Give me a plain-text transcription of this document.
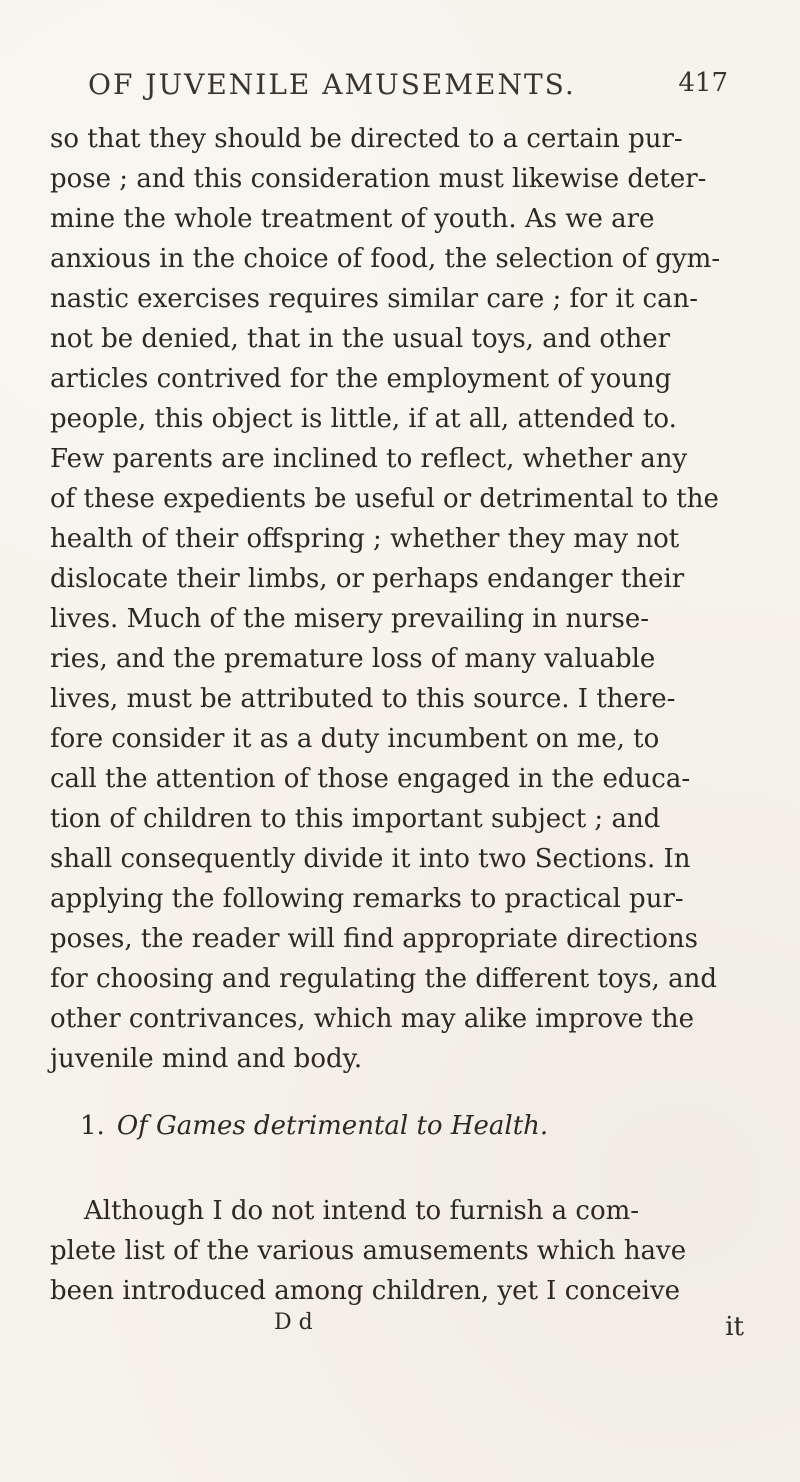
OF JUVENILE AMUSEMENTS.	417
so that they should be directed to a certain pur-
pose ; and this consideration must likewise deter-
mine the whole treatment of youth. As we are
anxious in the choice of food, the selection of gym-
nastic exercises requires similar care ; for it can-
not be denied, that in the usual toys, and other
articles contrived for the employment of young
people, this object is little, if at all, attended to.
Few parents are inclined to reflect, whether any
of these expedients be useful or detrimental to the
health of their offspring ; whether they may not
dislocate their limbs, or perhaps endanger their
lives. Much of the misery prevailing in nurse-
ries, and the premature loss of many valuable
lives, must be attributed to this source. I there-
fore consider it as a duty incumbent on me, to
call the attention of those engaged in the educa-
tion of children to this important subject ; and
shall consequently divide it into two Sections. In
applying the following remarks to practical pur-
poses, the reader will find appropriate directions
for choosing and regulating the different toys, and
other contrivances, which may alike improve the
juvenile mind and body.
1. Of Games detrimental to Health.
Although I do not intend to furnish a com-
plete list of the various amusements which have
been introduced among children, yet I conceive
D d	it
